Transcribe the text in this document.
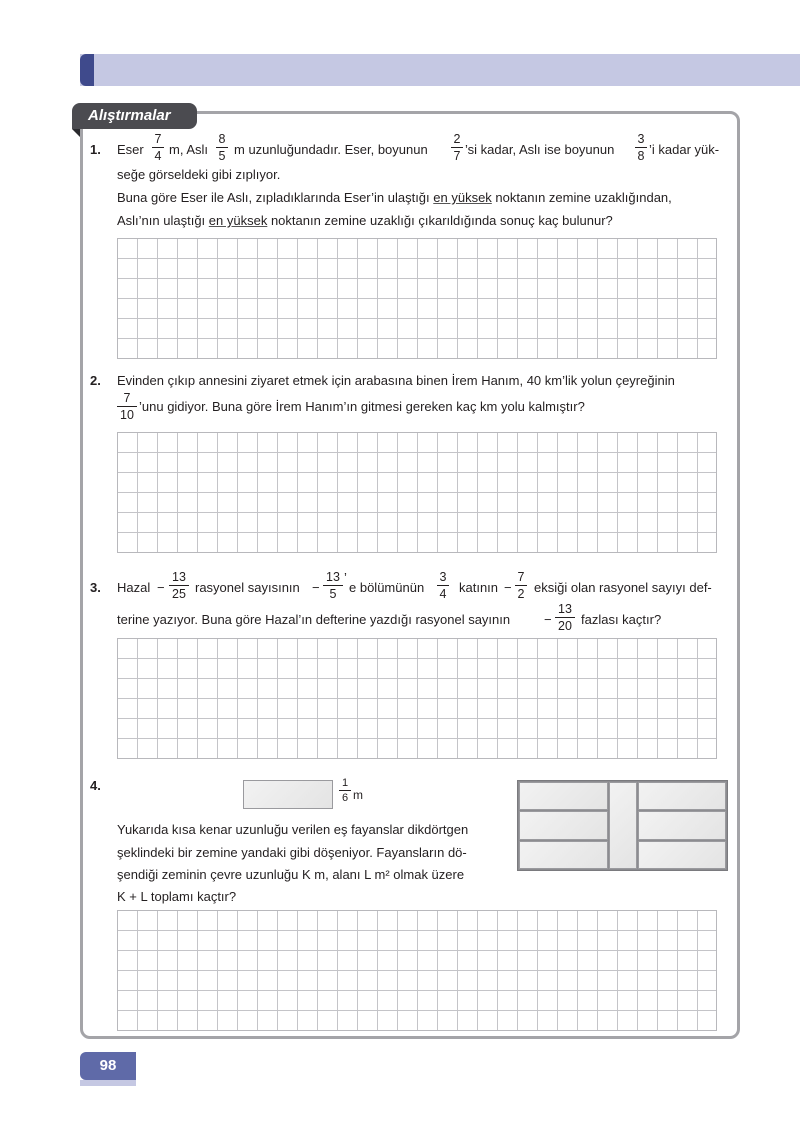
Alıştırmalar
1. Eser
7
4 m, Aslı
8
5 m uzunluğundadır. Eser, boyunun
2
7 ’si kadar, Aslı ise boyunun
3
8 ’i kadar yük-
seğe görseldeki gibi zıplıyor.
Buna göre Eser ile Aslı, zıpladıklarında Eser’in ulaştığı en yüksek noktanın zemine uzaklığından,
Aslı’nın ulaştığı en yüksek noktanın zemine uzaklığı çıkarıldığında sonuç kaç bulunur?
2. Evinden çıkıp annesini ziyaret etmek için arabasına binen İrem Hanım, 40 km’lik yolun çeyreğinin
7
10
’unu gidiyor. Buna göre İrem Hanım’ın gitmesi gereken kaç km yolu kalmıştır?
3. Hazal −
13
25 rasyonel sayısının −
13
5
’
e bölümünün
3
4 katının −
7
2 eksiği olan rasyonel sayıyı def-
terine yazıyor. Buna göre Hazal’ın defterine yazdığı rasyonel sayının	−
13
20 fazlası kaçtır?
4.	1
6 m
Yukarıda kısa kenar uzunluğu verilen eş fayanslar dikdörtgen
şeklindeki bir zemine yandaki gibi döşeniyor. Fayansların dö-
şendiği zeminin çevre uzunluğu K m, alanı L m² olmak üzere
K + L toplamı kaçtır?
98
